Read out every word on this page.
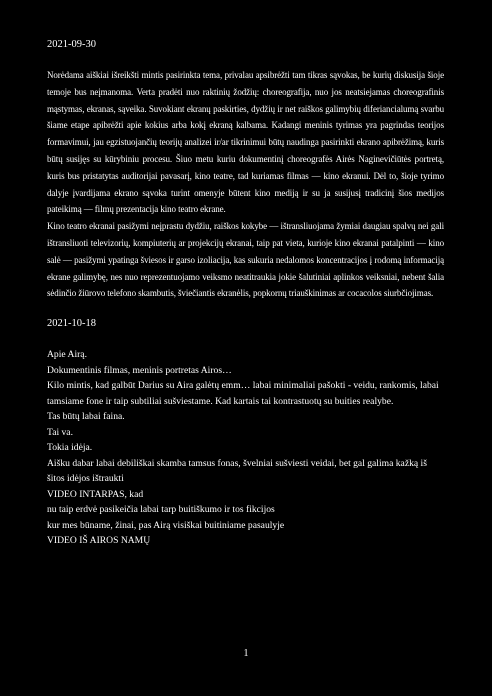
2021-09-30

Norėdama aiškiai išreikšti mintis pasirinkta tema, privalau apsibrėžti tam tikras sąvokas, be kurių diskusija šioje temoje bus neįmanoma. Verta pradėti nuo raktinių žodžių: choreografija, nuo jos neatsiejamas choreografinis mąstymas, ekranas, sąveika. Suvokiant ekranų paskirties, dydžių ir net raiškos galimybių diferiancialumą svarbu šiame etape apibrėžti apie kokius arba kokį ekraną kalbama. Kadangi meninis tyrimas yra pagrindas teorijos formavimui, jau egzistuojančių teorijų analizei ir/ar tikrinimui būtų naudinga pasirinkti ekrano apibrėžimą, kuris būtų susijęs su kūrybiniu procesu. Šiuo metu kuriu dokumentinį choreografės Airės Naginevičiūtės portretą, kuris bus pristatytas auditorijai pavasarį, kino teatre, tad kuriamas filmas — kino ekranui. Dėl to, šioje tyrimo dalyje įvardijama ekrano sąvoka turint omenyje būtent kino mediją ir su ja susijusį tradicinį šios medijos pateikimą — filmų prezentacija kino teatro ekrane.

Kino teatro ekranai pasižymi neįprastu dydžiu, raiškos kokybe — ištransliuojama žymiai daugiau spalvų nei gali ištransliuoti televizorių, kompiuterių ar projekcijų ekranai, taip pat vieta, kurioje kino ekranai patalpinti — kino salė — pasižymi ypatinga šviesos ir garso izoliacija, kas sukuria nedalomos koncentracijos į rodomą informaciją ekrane galimybę, nes nuo reprezentuojamo veiksmo neatitraukia jokie šalutiniai aplinkos veiksniai, nebent šalia sėdinčio žiūrovo telefono skambutis, šviečiantis ekranėlis, popkornų triauškinimas ar cocacolos siurbčiojimas.

2021-10-18

Apie Airą.

Dokumentinis filmas, meninis portretas Airos…

Kilo mintis, kad galbūt Darius su Aira galėtų emm… labai minimaliai pašokti - veidu, rankomis, labai tamsiame fone ir taip subtiliai sušviestame. Kad kartais tai kontrastuotų su buities realybe.

Tas būtų labai faina.

Tai va.

Tokia idėja.

Aišku dabar labai debiliškai skamba tamsus fonas, švelniai sušviesti veidai, bet gal galima kažką iš šitos idėjos ištraukti

VIDEO INTARPAS, kad

nu taip erdvė pasikeičia labai tarp buitiškumo ir tos fikcijos

kur mes būname, žinai, pas Airą visiškai buitiniame pasaulyje

VIDEO IŠ AIROS NAMŲ

1
